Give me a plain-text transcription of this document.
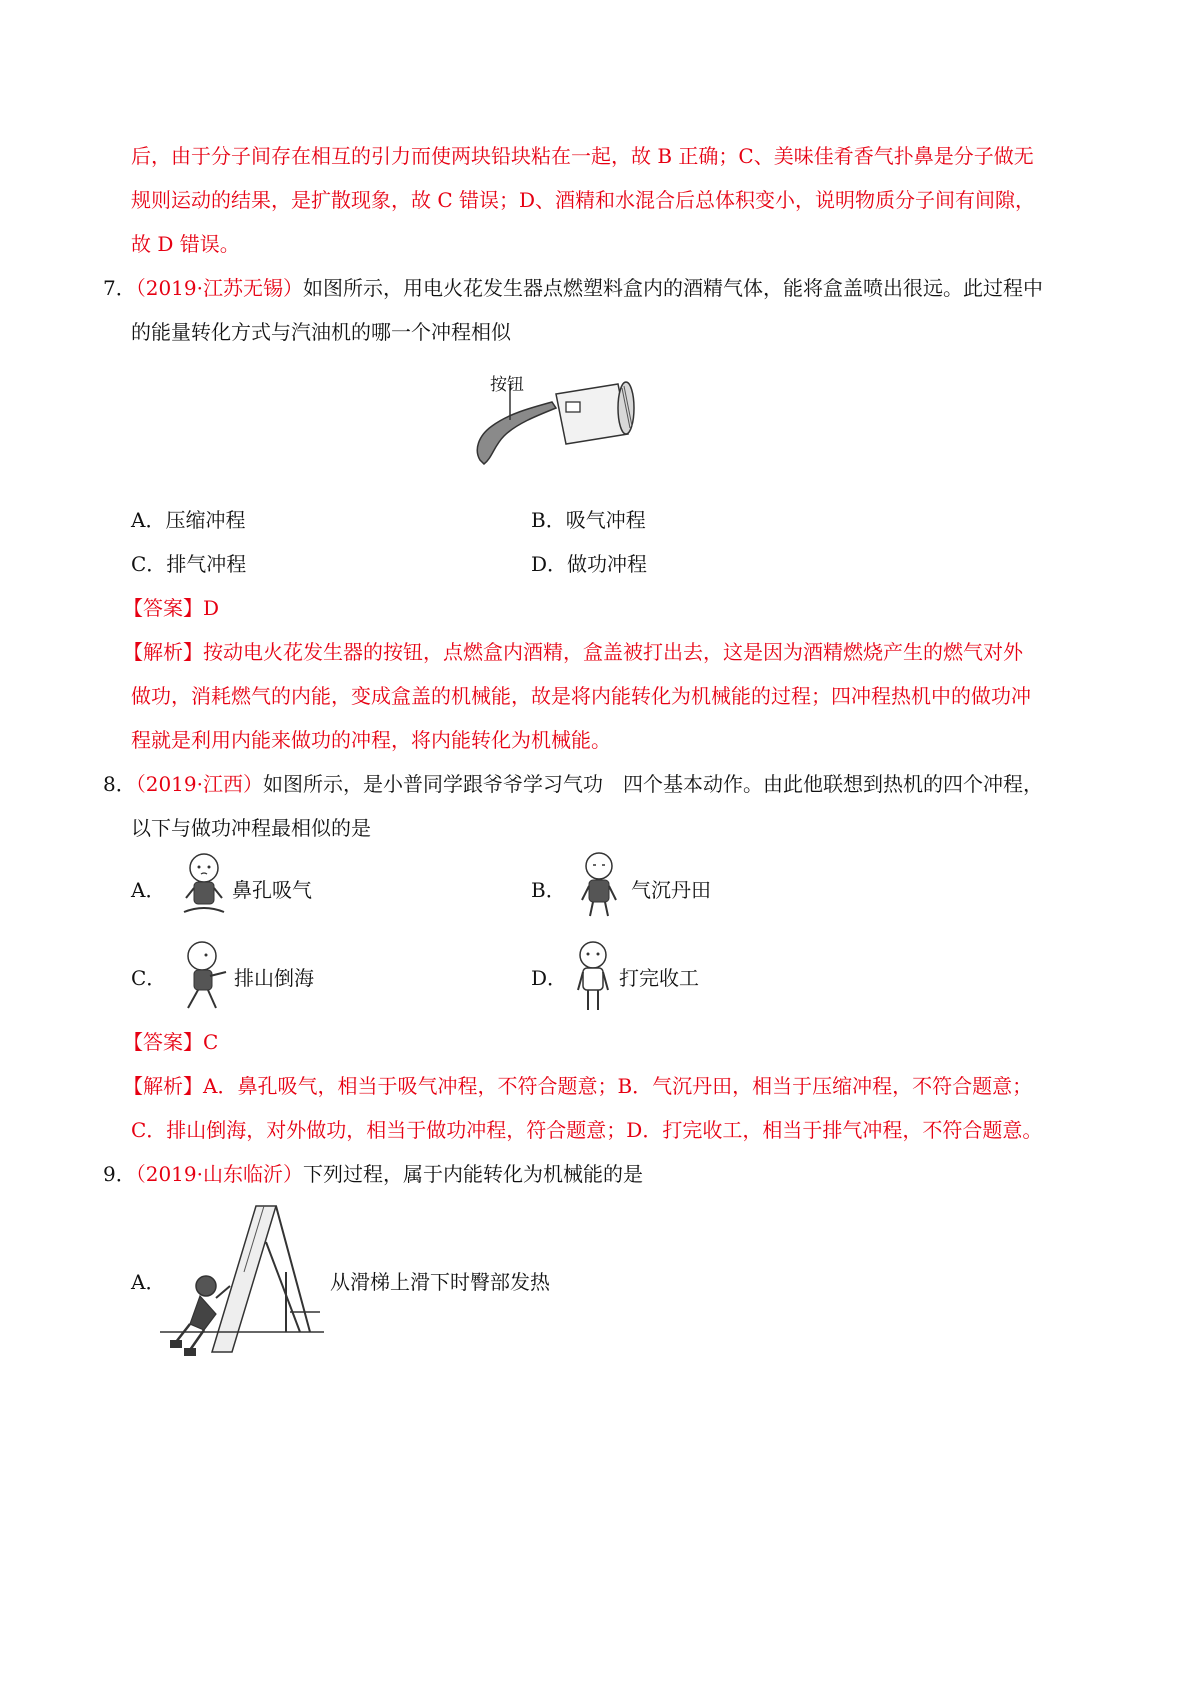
后，由于分子间存在相互的引力而使两块铅块粘在一起，故 B 正确；C、美味佳肴香气扑鼻是分子做无
规则运动的结果，是扩散现象，故 C 错误；D、酒精和水混合后总体积变小，说明物质分子间有间隙，
故 D 错误。
7．（2019·江苏无锡）如图所示，用电火花发生器点燃塑料盒内的酒精气体，能将盒盖喷出很远。此过程中
的能量转化方式与汽油机的哪一个冲程相似
按钮
A．压缩冲程	B．吸气冲程
C．排气冲程	D．做功冲程
【答案】D
【解析】按动电火花发生器的按钮，点燃盒内酒精，盒盖被打出去，这是因为酒精燃烧产生的燃气对外
做功，消耗燃气的内能，变成盒盖的机械能，故是将内能转化为机械能的过程；四冲程热机中的做功冲
程就是利用内能来做功的冲程，将内能转化为机械能。
8．（2019·江西）如图所示，是小普同学跟爷爷学习气功　四个基本动作。由此他联想到热机的四个冲程，
以下与做功冲程最相似的是
A．	鼻孔吸气	B．	气沉丹田
C．	排山倒海	D．	打完收工
【答案】C
【解析】A．鼻孔吸气，相当于吸气冲程，不符合题意；B．气沉丹田，相当于压缩冲程，不符合题意；
C．排山倒海，对外做功，相当于做功冲程，符合题意；D．打完收工，相当于排气冲程，不符合题意。
9．（2019·山东临沂）下列过程，属于内能转化为机械能的是
A．	从滑梯上滑下时臀部发热
